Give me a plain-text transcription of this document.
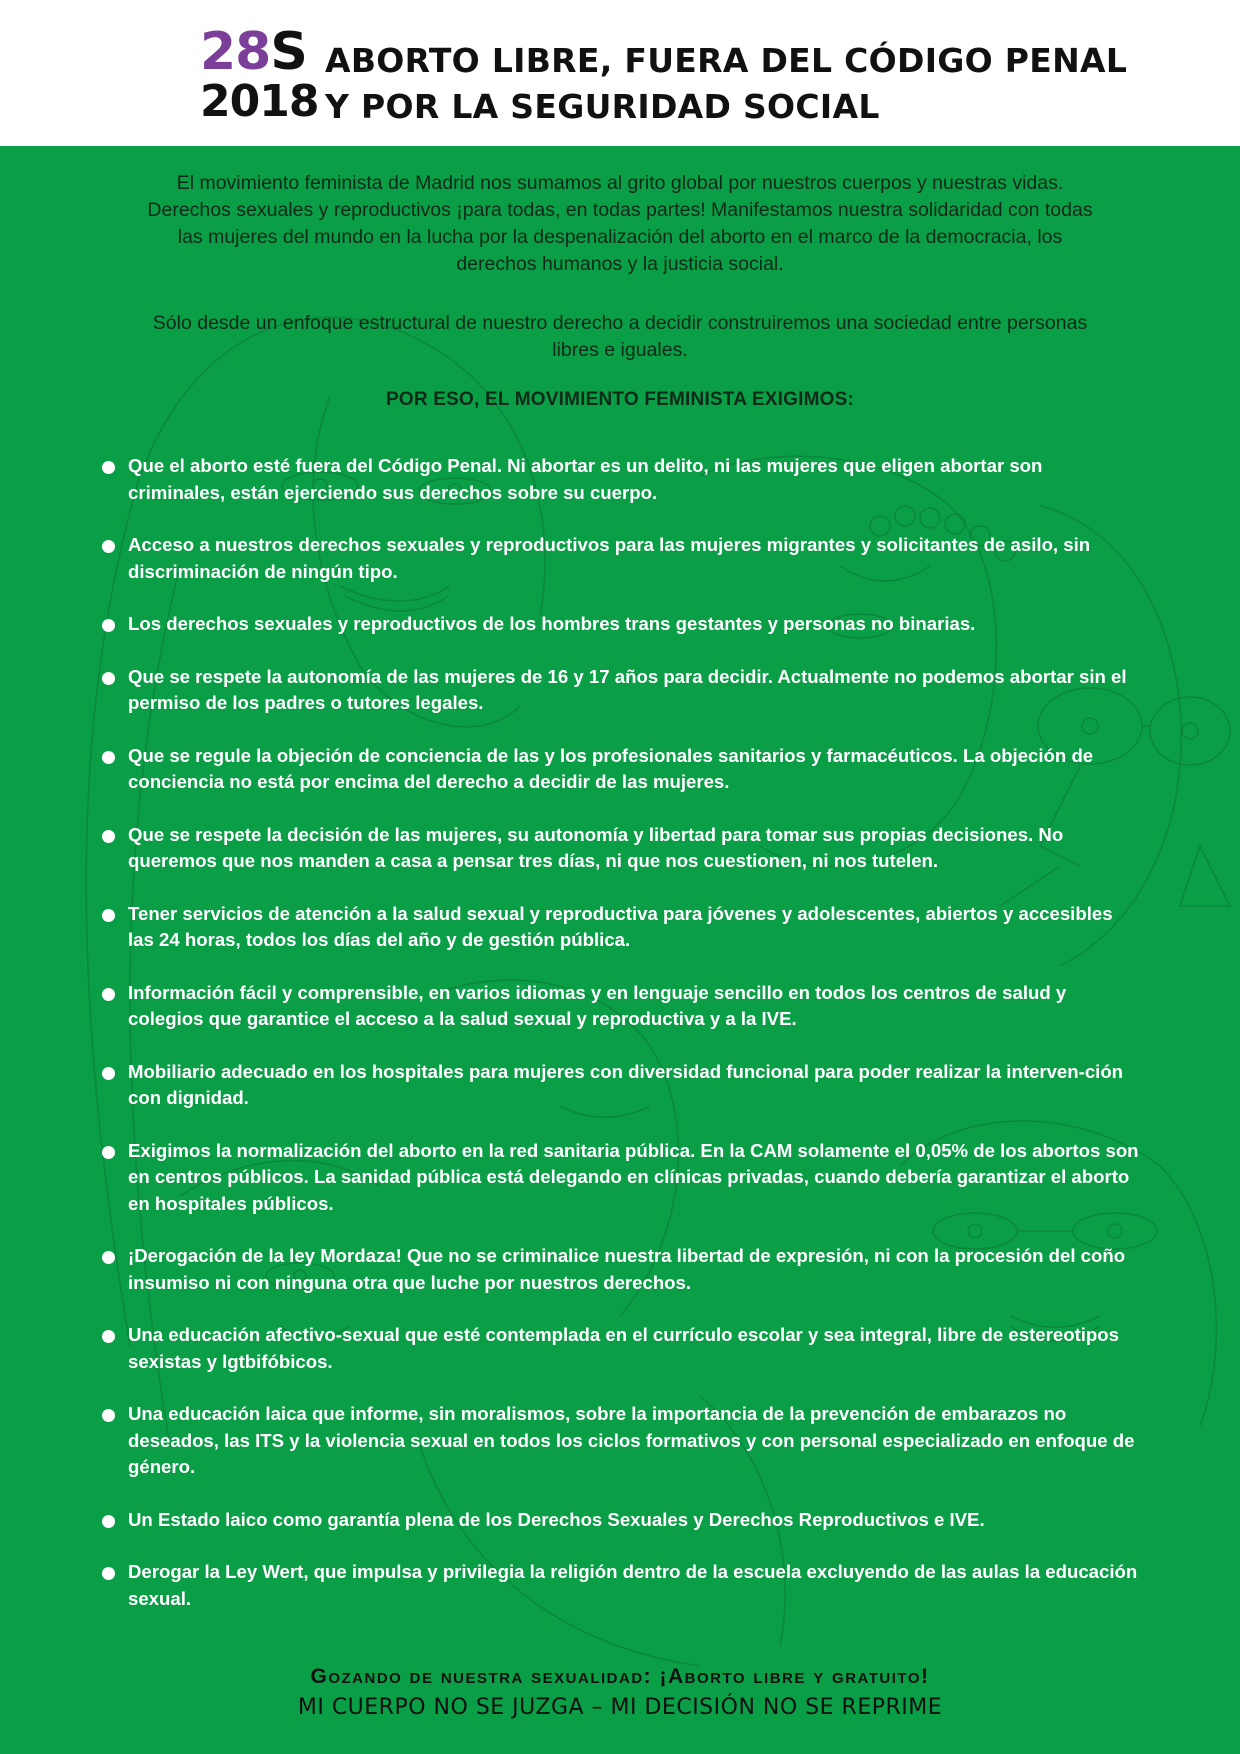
28S
2018
ABORTO LIBRE, FUERA DEL CÓDIGO PENAL
Y POR LA SEGURIDAD SOCIAL
El movimiento feminista de Madrid nos sumamos al grito global por nuestros cuerpos y nuestras vidas. Derechos sexuales y reproductivos ¡para todas, en todas partes! Manifestamos nuestra solidaridad con todas las mujeres del mundo en la lucha por la despenalización del aborto en el marco de la democracia, los derechos humanos y la justicia social.
Sólo desde un enfoque estructural de nuestro derecho a decidir construiremos una sociedad entre personas libres e iguales.
POR ESO, EL MOVIMIENTO FEMINISTA EXIGIMOS:
Que el aborto esté fuera del Código Penal. Ni abortar es un delito, ni las mujeres que eligen abortar son criminales, están ejerciendo sus derechos sobre su cuerpo.
Acceso a nuestros derechos sexuales y reproductivos para las mujeres migrantes y solicitantes de asilo, sin discriminación de ningún tipo.
Los derechos sexuales y reproductivos de los hombres trans gestantes y personas no binarias.
Que se respete la autonomía de las mujeres de 16 y 17 años para decidir. Actualmente no podemos abortar sin el permiso de los padres o tutores legales.
Que se regule la objeción de conciencia de las y los profesionales sanitarios y farmacéuticos. La objeción de conciencia no está por encima del derecho a decidir de las mujeres.
Que se respete la decisión de las mujeres, su autonomía y libertad para tomar sus propias decisiones. No queremos que nos manden a casa a pensar tres días, ni que nos cuestionen, ni nos tutelen.
Tener servicios de atención a la salud sexual y reproductiva para jóvenes y adolescentes, abiertos y accesibles las 24 horas, todos los días del año y de gestión pública.
Información fácil y comprensible, en varios idiomas y en lenguaje sencillo en todos los centros de salud y colegios que garantice el acceso a la salud sexual y reproductiva y a la IVE.
Mobiliario adecuado en los hospitales para mujeres con diversidad funcional para poder realizar la interven-ción con dignidad.
Exigimos la normalización del aborto en la red sanitaria pública. En la CAM solamente el 0,05% de los abortos son en centros públicos. La sanidad pública está delegando en clínicas privadas, cuando debería garantizar el aborto en hospitales públicos.
¡Derogación de la ley Mordaza! Que no se criminalice nuestra libertad de expresión, ni con la procesión del coño insumiso ni con ninguna otra que luche por nuestros derechos.
Una educación afectivo-sexual que esté contemplada en el currículo escolar y sea integral, libre de estereotipos sexistas y lgtbifóbicos.
Una educación laica que informe, sin moralismos, sobre la importancia de la prevención de embarazos no deseados, las ITS y la violencia sexual en todos los ciclos formativos y con personal especializado en enfoque de género.
Un Estado laico como garantía plena de los Derechos Sexuales y Derechos Reproductivos e IVE.
Derogar la Ley Wert, que impulsa y privilegia la religión dentro de la escuela excluyendo de las aulas la educación sexual.
Gozando de nuestra sexualidad: ¡Aborto libre y gratuito!
MI CUERPO NO SE JUZGA – MI DECISIÓN NO SE REPRIME
